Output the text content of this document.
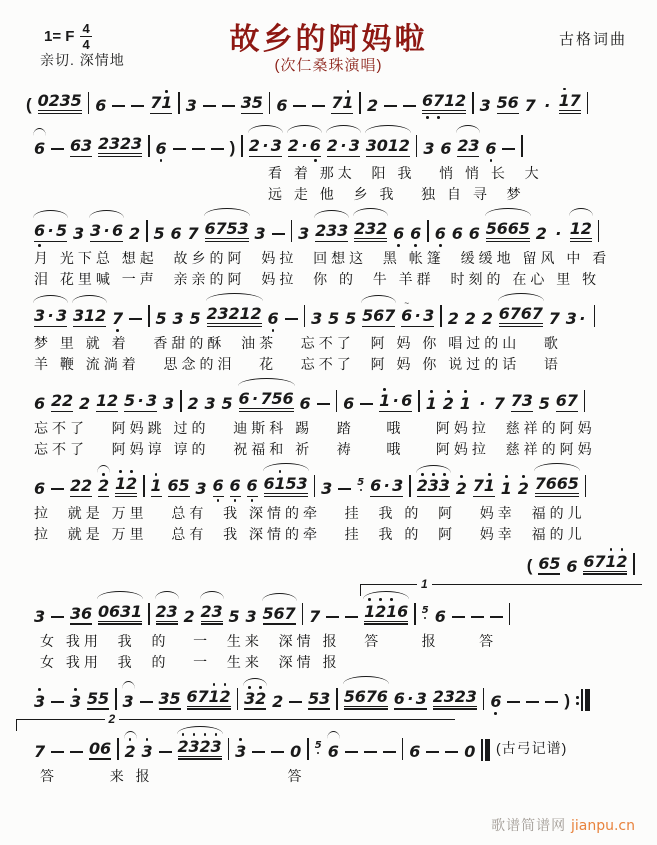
1= F $\frac{4}{4}$
亲切. 深情地
故乡的阿妈啦
(次仁桑珠演唱)
古格词曲
( 0 2 3 5 6	7 1 3	3 5 6	7 1 2	6 7 1 2 3 5 6 7 · 1 7
6 6 3 2 3 2 3 6	) 2 · 3 2 · 6 2 · 3 3 0 1 2 3 6 2 3 6
看 着 那太  阳 我   悄 悄 长  大
远 走 他  乡 我   独 自 寻  梦
6 · 5 3 3 · 6 2 5 6 7 6 7 5 3 3 3 2 3 3 2 3 2 6 6 6 6 6 5 6 6 5 2 · 1 2
月 光下总 想起  故乡的阿  妈拉  回想这  黑 帐篷  缓缓地 留风 中 看
泪 花里喊 一声  亲亲的阿  妈拉  你 的  牛 羊群  时刻的 在心 里 牧
3 · 3 3 1 2 7 5 3 5 2 3 2 1 2 6 3 5 5 5 6 7
~
6 · 3 2 2 2 6 7 6 7 7 3 ·
梦 里 就 着   香甜的酥  油茶   忘不了  阿 妈 你 唱过的山   歌
羊 鞭 流淌着   思念的泪   花   忘不了  阿 妈 你 说过的话   语
6 2 2 2 1 2 5 · 3 3 2 3 5 6 · 7 5 6 6 6 1 · 6 1 2 1 · 7 7 3 5 6 7
忘不了   阿妈跳 过的   迪斯科 踢   踏    哦    阿妈拉  慈祥的阿妈
忘不了   阿妈谆 谆的   祝福和 祈   祷    哦    阿妈拉  慈祥的阿妈
6 2 2 2 1 2 1 6 5 3 6 6 6 6 1 5 3 3 5 6 · 3 2 3 3 2 7 1 1 2 7 6 6 5
拉  就是 万里   总有  我 深情的牵   挂  我 的  阿   妈幸  福的儿
拉  就是 万里   总有  我 深情的牵   挂  我 的  阿   妈幸  福的儿
( 6 5 6 6 7 1 2
1
3 3 6 0 6 3 1 2 3 2 2 3 5 3 5 6 7 7	1 2 1 6 5 6
女 我用  我  的   一  生来  深情 报   答     报     答
女 我用  我  的   一  生来  深情 报
3 3 5 5 3 3 5 6 7 1 2 3 2 2 5 3 5 6 7 6 6 · 3 2 3 2 3 6	)
2
7	0 6 2 3 2 3 2 3 3	0 5 6	6	0 (古弓记谱)
答　　  来 报　　　　　　　 答
歌谱简谱网 jianpu.cn
